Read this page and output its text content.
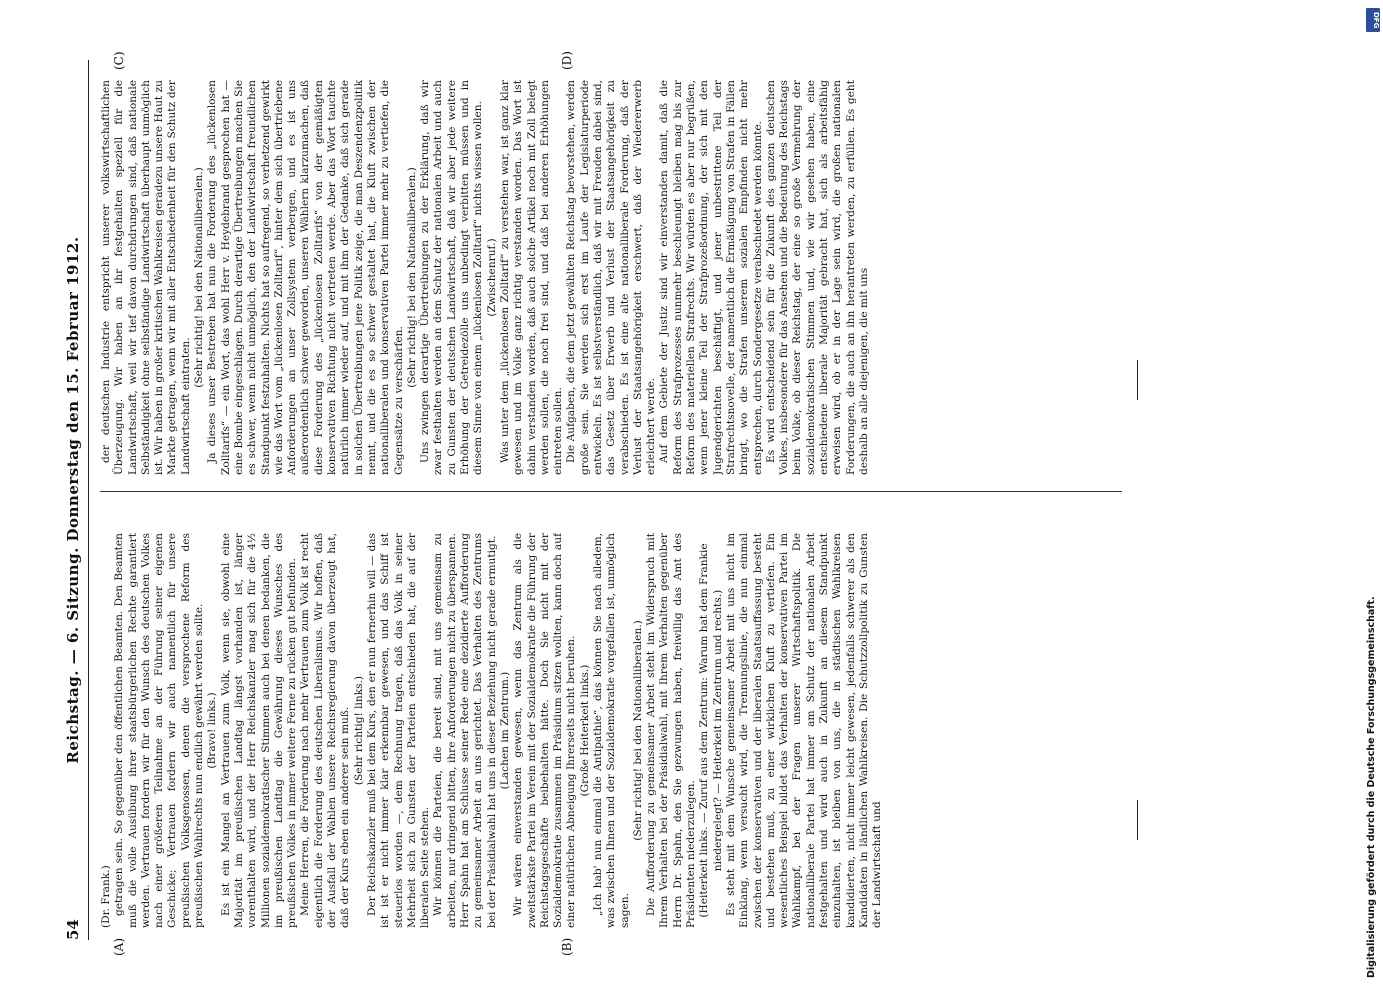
54
Reichstag. — 6. Sitzung. Donnerstag den 15. Februar 1912.
(A)	(B)
(C)	(D)

(Dr. Frank.) getragen sein. So gegenüber den öffentlichen Beamten. Den Beamten muß die volle Ausübung ihrer staatsbürgerlichen Rechte garantiert werden. Vertrauen fordern wir für den Wunsch des deutschen Volkes nach einer größeren Teilnahme an der Führung seiner eigenen Geschicke; Vertrauen fordern wir auch namentlich für unsere preußischen Volksgenossen, denen die versprochene Reform des preußischen Wahlrechts nun endlich gewährt werden sollte. (Bravo! links.) Es ist ein Mangel an Vertrauen zum Volk, wenn sie, obwohl eine Majorität im preußischen Landtag längst vorhanden ist, länger vorenthalten wird, und der Herr Reichskanzler mag sich für die 4½ Millionen sozialdemokratischer Stimmen auch bei denen bedanken, die im preußischen Landtag die Gewährung dieses Wunsches des preußischen Volkes in immer weitere Ferne zu rücken gut befunden. Meine Herren, die Forderung nach mehr Vertrauen zum Volk ist recht eigentlich die Forderung des deutschen Liberalismus. Wir hoffen, daß der Ausfall der Wahlen unsere Reichsregierung davon überzeugt hat, daß der Kurs eben ein anderer sein muß. (Sehr richtig! links.) Der Reichskanzler muß bei dem Kurs, den er nun fernerhin will — das ist ist er nicht immer klar erkennbar gewesen, und das Schiff ist steuerlos worden —, dem Rechnung tragen, daß das Volk in seiner Mehrheit sich zu Gunsten der Parteien entschieden hat, die auf der liberalen Seite stehen. Wir können die Parteien, die bereit sind, mit uns gemeinsam zu arbeiten, nur dringend bitten, ihre Anforderungen nicht zu überspannen. Herr Spahn hat am Schlusse seiner Rede eine dezidierte Aufforderung zu gemeinsamer Arbeit an uns gerichtet. Das Verhalten des Zentrums bei der Präsidialwahl hat uns in dieser Beziehung nicht gerade ermutigt. (Lachen im Zentrum.) Wir wären einverstanden gewesen, wenn das Zentrum als die zweitstärkste Partei im Verein mit der Sozialdemokratie die Führung der Reichstagsgeschäfte beibehalten hätte. Doch Sie nicht mit der Sozialdemokratie zusammen im Präsidium sitzen wollten, kann doch auf einer natürlichen Abneigung Ihrerseits nicht beruhen. (Große Heiterkeit links.) „Ich hab' nun einmal die Antipathie“, das können Sie nach alledem, was zwischen Ihnen und der Sozialdemokratie vorgefallen ist, unmöglich sagen.

(Sehr richtig! bei den Nationalliberalen.) Die Aufforderung zu gemeinsamer Arbeit steht im Widerspruch mit Ihrem Verhalten bei der Präsidialwahl, mit Ihrem Verhalten gegenüber Herrn Dr. Spahn, den Sie gezwungen haben, freiwillig das Amt des Präsidenten niederzulegen. (Heiterkeit links. — Zuruf aus dem Zentrum: Warum hat dem Frankie niedergelegt? — Heiterkeit im Zentrum und rechts.) Es steht mit dem Wunsche gemeinsamer Arbeit mit uns nicht im Einklang, wenn versucht wird, die Trennungslinie, die nun einmal zwischen der konservativen und der liberalen Staatsauffassung besteht und bestehen muß, zu einer wirklichen Kluft zu vertiefen. Ein wesentliches Beispiel bildet das Verhalten der konservativen Partei im Wahlkampf, bei der Fragen unserer Wirtschaftspolitik. Die nationalliberale Partei hat immer am Schutz der nationalen Arbeit festgehalten und wird auch in Zukunft an diesem Standpunkt einzuhalten, ist bleiben von uns, die in städtischen Wahlkreisen kandidierten, nicht immer leicht gewesen, jedenfalls schwerer als den Kandidaten in ländlichen Wahlkreisen. Die Schutzzollpolitik zu Gunsten der Landwirtschaft und

der deutschen Industrie entspricht unserer volkswirtschaftlichen Überzeugung. Wir haben an ihr festgehalten speziell für die Landwirtschaft, weil wir tief davon durchdrungen sind, daß nationale Selbständigkeit ohne selbständige Landwirtschaft überhaupt unmöglich ist. Wir haben in großer kritischen Wahlkreisen geradezu unsere Haut zu Markte getragen, wenn wir mit aller Entschiedenheit für den Schutz der Landwirtschaft eintraten.

(Sehr richtig! bei den Nationalliberalen.) Ja dieses unser Bestreben hat nun die Forderung des „lückenlosen Zolltarifs“ — ein Wort, das wohl Herr v. Heydebrand gesprochen hat — eine Bombe eingeschlagen. Durch derartige Übertreibungen machen Sie es schwer, wenn nicht unmöglich, den der Landwirtschaft freundlichen Standpunkt festzuhalten. Nichts hat so aufregend, so verhetzend gewirkt wie das Wort vom „lückenlosen Zolltarif“, hinter dem sich übertriebene Anforderungen an unser Zollsystem verbergen, und es ist uns außerordentlich schwer geworden, unseren Wählern klarzumachen, daß diese Forderung des „lückenlosen Zolltarifs“ von der gemäßigten konservativen Richtung nicht vertreten werde. Aber das Wort tauchte natürlich immer wieder auf, und mit ihm der Gedanke, daß sich gerade in solchen Übertreibungen jene Politik zeige, die man Deszendenzpolitik nennt, und die es so schwer gestaltet hat, die Kluft zwischen der nationalliberalen und konservativen Partei immer mehr zu vertiefen, die Gegensätze zu verschärfen.

(Sehr richtig! bei den Nationalliberalen.) Uns zwingen derartige Übertreibungen zu der Erklärung, daß wir zwar festhalten werden an dem Schutz der nationalen Arbeit und auch zu Gunsten der deutschen Landwirtschaft, daß wir aber jede weitere Erhöhung der Getreidezölle uns unbedingt verbitten müssen und in diesem Sinne von einem „lückenlosen Zolltarif“ nichts wissen wollen. (Zwischenruf.) Was unter dem „lückenlosen Zolltarif“ zu verstehen war, ist ganz klar gewesen und im Volke ganz richtig verstanden worden. Das Wort ist dahin verstanden worden, daß auch solche Artikel noch mit Zoll belegt werden sollen, die noch frei sind, und daß bei anderen Erhöhungen eintreten sollen. Die Aufgaben, die dem jetzt gewählten Reichstag bevorstehen, werden große sein. Sie werden sich erst im Laufe der Legislaturperiode entwickeln. Es ist selbstverständlich, daß wir mit Freuden dabei sind, das Gesetz über Erwerb und Verlust der Staatsangehörigkeit zu verabschieden. Es ist eine alte nationalliberale Forderung, daß der Verlust der Staatsangehörigkeit erschwert, daß der Wiedererwerb erleichtert werde. Auf dem Gebiete der Justiz sind wir einverstanden damit, daß die Reform des Strafprozesses nunmehr beschleunigt bleiben mag bis zur Reform des materiellen Strafrechts. Wir würden es aber nur begrüßen, wenn jener kleine Teil der Strafprozeßordnung, der sich mit den Jugendgerichten beschäftigt, und jener unbestrittene Teil der Strafrechtsnovelle, der namentlich die Ermäßigung von Strafen in Fällen bringt, wo die Strafen unserem sozialen Empfinden nicht mehr entsprechen, durch Sondergesetze verabschiedet werden könnte. Es wird entscheidend sein für die Zukunft des ganzen deutschen Volkes, insbesondere für das Ansehen und die Bedeutung des Reichstags beim Volke, ob dieser Reichstag, der eine so große Vermehrung der sozialdemokratischen Stimmen und, wie wir gesehen haben, eine entschiedene liberale Majorität gebracht hat, sich als arbeitsfähig erweisen wird, ob er in der Lage sein wird, die großen nationalen Forderungen, die auch an ihn herantreten werden, zu erfüllen. Es geht deshalb an alle diejenigen, die mit uns

DFG
Digitalisierung gefördert durch die Deutsche Forschungsgemeinschaft.
